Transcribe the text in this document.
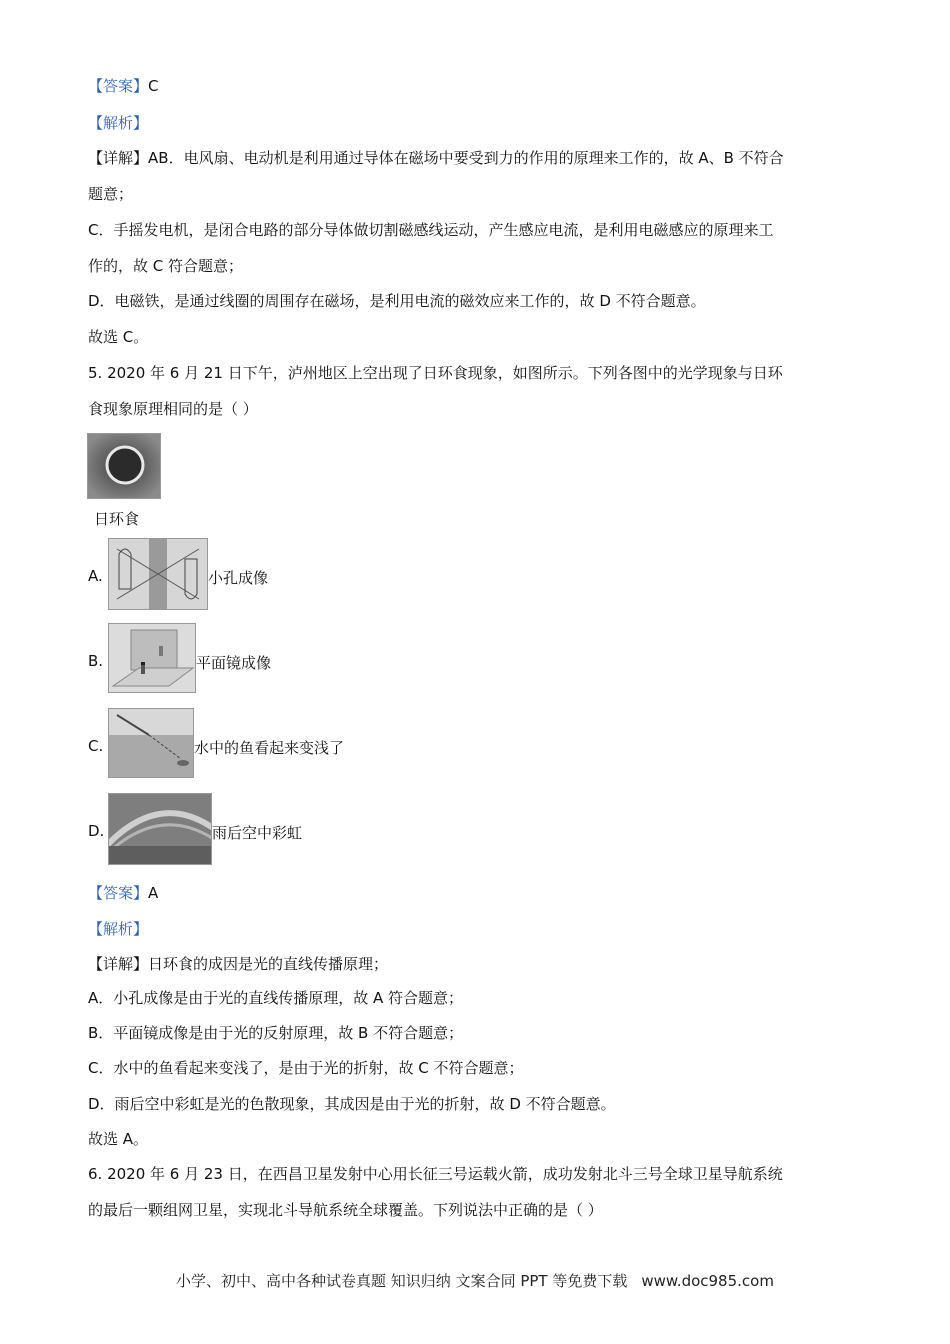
【答案】C
【解析】
【详解】AB．电风扇、电动机是利用通过导体在磁场中要受到力的作用的原理来工作的，故 A、B 不符合
题意；
C．手摇发电机，是闭合电路的部分导体做切割磁感线运动，产生感应电流，是利用电磁感应的原理来工
作的，故 C 符合题意；
D．电磁铁，是通过线圈的周围存在磁场，是利用电流的磁效应来工作的，故 D 不符合题意。
故选 C。
5. 2020 年 6 月 21 日下午，泸州地区上空出现了日环食现象，如图所示。下列各图中的光学现象与日环
食现象原理相同的是（ ）
日环食
A.	小孔成像
B.	平面镜成像
C.	水中的鱼看起来变浅了
D.	雨后空中彩虹
【答案】A
【解析】
【详解】日环食的成因是光的直线传播原理；
A．小孔成像是由于光的直线传播原理，故 A 符合题意；
B．平面镜成像是由于光的反射原理，故 B 不符合题意；
C．水中的鱼看起来变浅了，是由于光的折射，故 C 不符合题意；
D．雨后空中彩虹是光的色散现象，其成因是由于光的折射，故 D 不符合题意。
故选 A。
6. 2020 年 6 月 23 日，在西昌卫星发射中心用长征三号运载火箭，成功发射北斗三号全球卫星导航系统
的最后一颗组网卫星，实现北斗导航系统全球覆盖。下列说法中正确的是（ ）
小学、初中、高中各种试卷真题 知识归纳 文案合同 PPT 等免费下载 www.doc985.com
